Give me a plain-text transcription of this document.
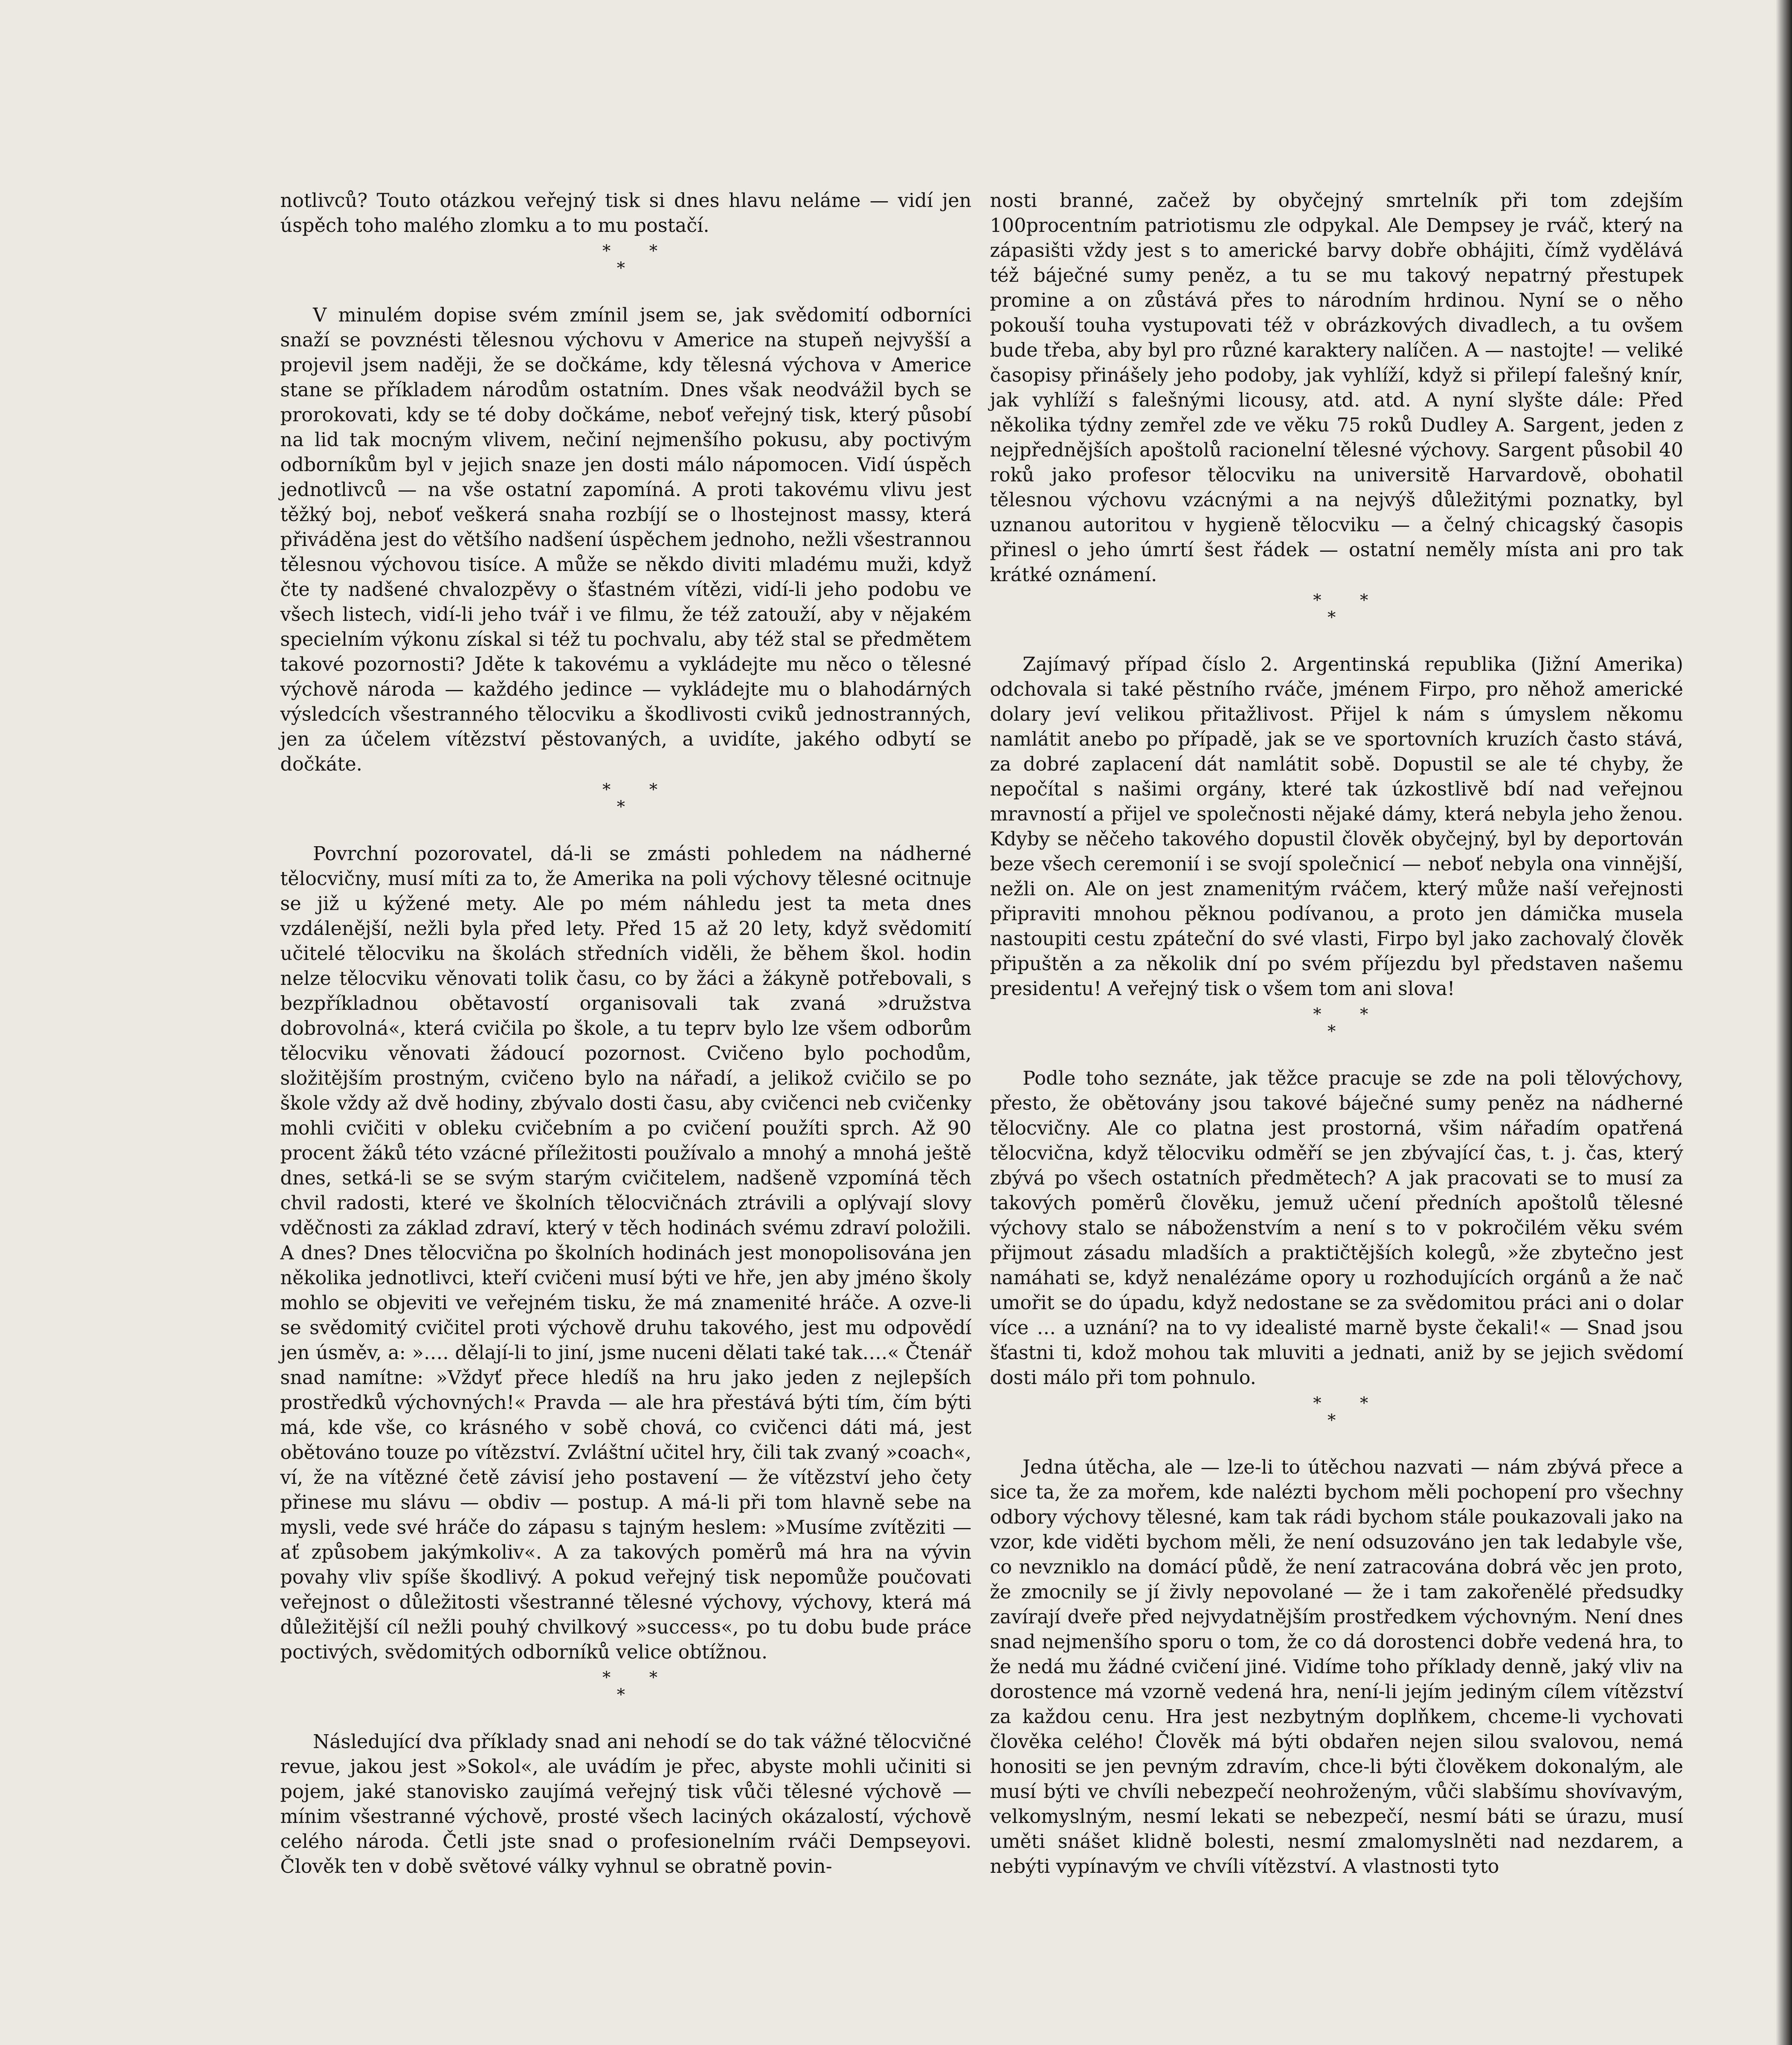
notlivců? Touto otázkou veřejný tisk si dnes hlavu nelámе — vidí jen úspěch toho malého zlomku a to mu postačí.

* *
*

V minulém dopise svém zmínil jsem se, jak svědomití odborníci snaží se povznésti tělesnou výchovu v Americe na stupeň nejvyšší a projevil jsem naději, že se dočkáme, kdy tělesná výchova v Americe stane se příkladem národům ostatním. Dnes však neodvážil bych se prorokovati, kdy se té doby dočkáme, neboť veřejný tisk, který působí na lid tak mocným vlivem, nečiní nejmenšího pokusu, aby poctivým odborníkům byl v jejich snaze jen dosti málo nápomocen. Vidí úspěch jednotlivců — na vše ostatní zapomíná. A proti takovému vlivu jest těžký boj, neboť veškerá snaha rozbíjí se o lhostejnost massy, která přiváděna jest do většího nadšení úspěchem jednoho, nežli všestrannou tělesnou výchovou tisíce. A může se někdo diviti mladému muži, když čte ty nadšené chvalozpěvy o šťastném vítězi, vidí-li jeho podobu ve všech listech, vidí-li jeho tvář i ve filmu, že též zatouží, aby v nějakém specielním výkonu získal si též tu pochvalu, aby též stal se předmětem takové pozornosti? Jděte k takovému a vykládejte mu něco o tělesné výchově národa — každého jedince — vykládejte mu o blahodárných výsledcích všestranného tělocviku a škodlivosti cviků jednostranných, jen za účelem vítězství pěstovaných, a uvidíte, jakého odbytí se dočkáte.

* *
*

Povrchní pozorovatel, dá-li se zmásti pohledem na nádherné tělocvičny, musí míti za to, že Amerika na poli výchovy tělesné ocitnuje se již u kýžené mety. Ale po mém náhledu jest ta meta dnes vzdálenější, nežli byla před lety. Před 15 až 20 lety, když svědomití učitelé tělocviku na školách středních viděli, že během škol. hodin nelze tělocviku věnovati tolik času, co by žáci a žákyně potřebovali, s bezpříkladnou obětavostí organisovali tak zvaná »družstva dobrovolná«, která cvičila po škole, a tu teprv bylo lze všem odborům tělocviku věnovati žádoucí pozornost. Cvičeno bylo pochodům, složitějším prostným, cvičeno bylo na nářadí, a jelikož cvičilo se po škole vždy až dvě hodiny, zbývalo dosti času, aby cvičenci neb cvičenky mohli cvičiti v obleku cvičebním a po cvičení použíti sprch. Až 90 procent žáků této vzácné příležitosti používalo a mnohý a mnohá ještě dnes, setká-li se se svým starým cvičitelem, nadšeně vzpomíná těch chvil radosti, které ve školních tělocvičnách ztrávili a oplývají slovy vděčnosti za základ zdraví, který v těch hodinách svému zdraví položili. A dnes? Dnes tělocvična po školních hodinách jest monopolisována jen několika jednotlivci, kteří cvičeni musí býti ve hře, jen aby jméno školy mohlo se objeviti ve veřejném tisku, že má znamenité hráče. A ozve-li se svědomitý cvičitel proti výchově druhu takového, jest mu odpovědí jen úsměv, a: »…. dělají-li to jiní, jsme nuceni dělati také tak….« Čtenář snad namítne: »Vždyť přece hledíš na hru jako jeden z nejlepších prostředků výchovných!« Pravda — ale hra přestává býti tím, čím býti má, kde vše, co krásného v sobě chová, co cvičenci dáti má, jest obětováno touze po vítězství. Zvláštní učitel hry, čili tak zvaný »coach«, ví, že na vítězné četě závisí jeho postavení — že vítězství jeho čety přinese mu slávu — obdiv — postup. A má-li při tom hlavně sebe na mysli, vede své hráče do zápasu s tajným heslem: »Musíme zvítěziti — ať způsobem jakýmkoliv«. A za takových poměrů má hra na vývin povahy vliv spíše škodlivý. A pokud veřejný tisk nepomůže poučovati veřejnost o důležitosti všestranné tělesné výchovy, výchovy, která má důležitější cíl nežli pouhý chvilkový »success«, po tu dobu bude práce poctivých, svědomitých odborníků velice obtížnou.

* *
*

Následující dva příklady snad ani nehodí se do tak vážné tělocvičné revue, jakou jest »Sokol«, ale uvádím je přec, abyste mohli učiniti si pojem, jaké stanovisko zaujímá veřejný tisk vůči tělesné výchově — mínim všestranné výchově, prosté všech laciných okázalostí, výchově celého národa. Četli jste snad o profesionelním rváči Dempseyovi. Člověk ten v době světové války vyhnul se obratně povin-

nosti branné, začež by obyčejný smrtelník při tom zdejším 100procentním patriotismu zle odpykal. Ale Dempsey je rváč, který na zápasišti vždy jest s to americké barvy dobře obhájiti, čímž vydělává též báječné sumy peněz, a tu se mu takový nepatrný přestupek promine a on zůstává přes to národním hrdinou. Nyní se o něho pokouší touha vystupovati též v obrázkových divadlech, a tu ovšem bude třeba, aby byl pro různé karaktery nalíčen. A — nastojte! — veliké časopisy přinášely jeho podoby, jak vyhlíží, když si přilepí falešný knír, jak vyhlíží s falešnými licousy, atd. atd. A nyní slyšte dále: Před několika týdny zemřel zde ve věku 75 roků Dudley A. Sargent, jeden z nejpřednějších apoštolů racionelní tělesné výchovy. Sargent působil 40 roků jako profesor tělocviku na universitě Harvardově, obohatil tělesnou výchovu vzácnými a na nejvýš důležitými poznatky, byl uznanou autoritou v hygieně tělocviku — a čelný chicagský časopis přinesl o jeho úmrtí šest řádek — ostatní neměly místa ani pro tak krátké oznámení.

* *
*

Zajímavý případ číslo 2. Argentinská republika (Jižní Amerika) odchovala si také pěstního rváče, jménem Firpo, pro něhož americké dolary jeví velikou přitažlivost. Přijel k nám s úmyslem někomu namlátit anebo po případě, jak se ve sportovních kruzích často stává, za dobré zaplacení dát namlátit sobě. Dopustil se ale té chyby, že nepočítal s našimi orgány, které tak úzkostlivě bdí nad veřejnou mravností a přijel ve společnosti nějaké dámy, která nebyla jeho ženou. Kdyby se něčeho takového dopustil člověk obyčejný, byl by deportován beze všech ceremonií i se svojí společnicí — neboť nebyla ona vinnější, nežli on. Ale on jest znamenitým rváčem, který může naší veřejnosti připraviti mnohou pěknou podívanou, a proto jen dámička musela nastoupiti cestu zpáteční do své vlasti, Firpo byl jako zachovalý člověk připuštěn a za několik dní po svém příjezdu byl představen našemu presidentu! A veřejný tisk o všem tom ani slova!

* *
*

Podle toho seznáte, jak těžce pracuje se zde na poli tělovýchovy, přesto, že obětovány jsou takové báječné sumy peněz na nádherné tělocvičny. Ale co platna jest prostorná, všim nářadím opatřená tělocvična, když tělocviku odměří se jen zbývající čas, t. j. čas, který zbývá po všech ostatních předmětech? A jak pracovati se to musí za takových poměrů člověku, jemuž učení předních apoštolů tělesné výchovy stalo se náboženstvím a není s to v pokročilém věku svém přijmout zásadu mladších a praktičtějších kolegů, »že zbytečno jest namáhati se, když nenalézáme opory u rozhodujících orgánů a že nač umořit se do úpadu, když nedostane se za svědomitou práci ani o dolar více … a uznání? na to vy idealisté marně byste čekali!« — Snad jsou šťastni ti, kdož mohou tak mluviti a jednati, aniž by se jejich svědomí dosti málo při tom pohnulo.

* *
*

Jedna útěcha, ale — lze-li to útěchou nazvati — nám zbývá přece a sice ta, že za mořem, kde nalézti bychom měli pochopení pro všechny odbory výchovy tělesné, kam tak rádi bychom stále poukazovali jako na vzor, kde viděti bychom měli, že není odsuzováno jen tak ledabyle vše, co nevzniklo na domácí půdě, že není zatracována dobrá věc jen proto, že zmocnily se jí živly nepovolané — že i tam zakořenělé předsudky zavírají dveře před nejvydatnějším prostředkem výchovným. Není dnes snad nejmenšího sporu o tom, že co dá dorostenci dobře vedená hra, to že nedá mu žádné cvičení jiné. Vidíme toho příklady denně, jaký vliv na dorostence má vzorně vedená hra, není-li jejím jediným cílem vítězství za každou cenu. Hra jest nezbytným doplňkem, chceme-li vychovati člověka celého! Člověk má býti obdařen nejen silou svalovou, nemá honositi se jen pevným zdravím, chce-li býti člověkem dokonalým, ale musí býti ve chvíli nebezpečí neohroženým, vůči slabšímu shovívavým, velkomyslným, nesmí lekati se nebezpečí, nesmí báti se úrazu, musí uměti snášet klidně bolesti, nesmí zmalomyslněti nad nezdarem, a nebýti vypínavým ve chvíli vítězství. A vlastnosti tyto
